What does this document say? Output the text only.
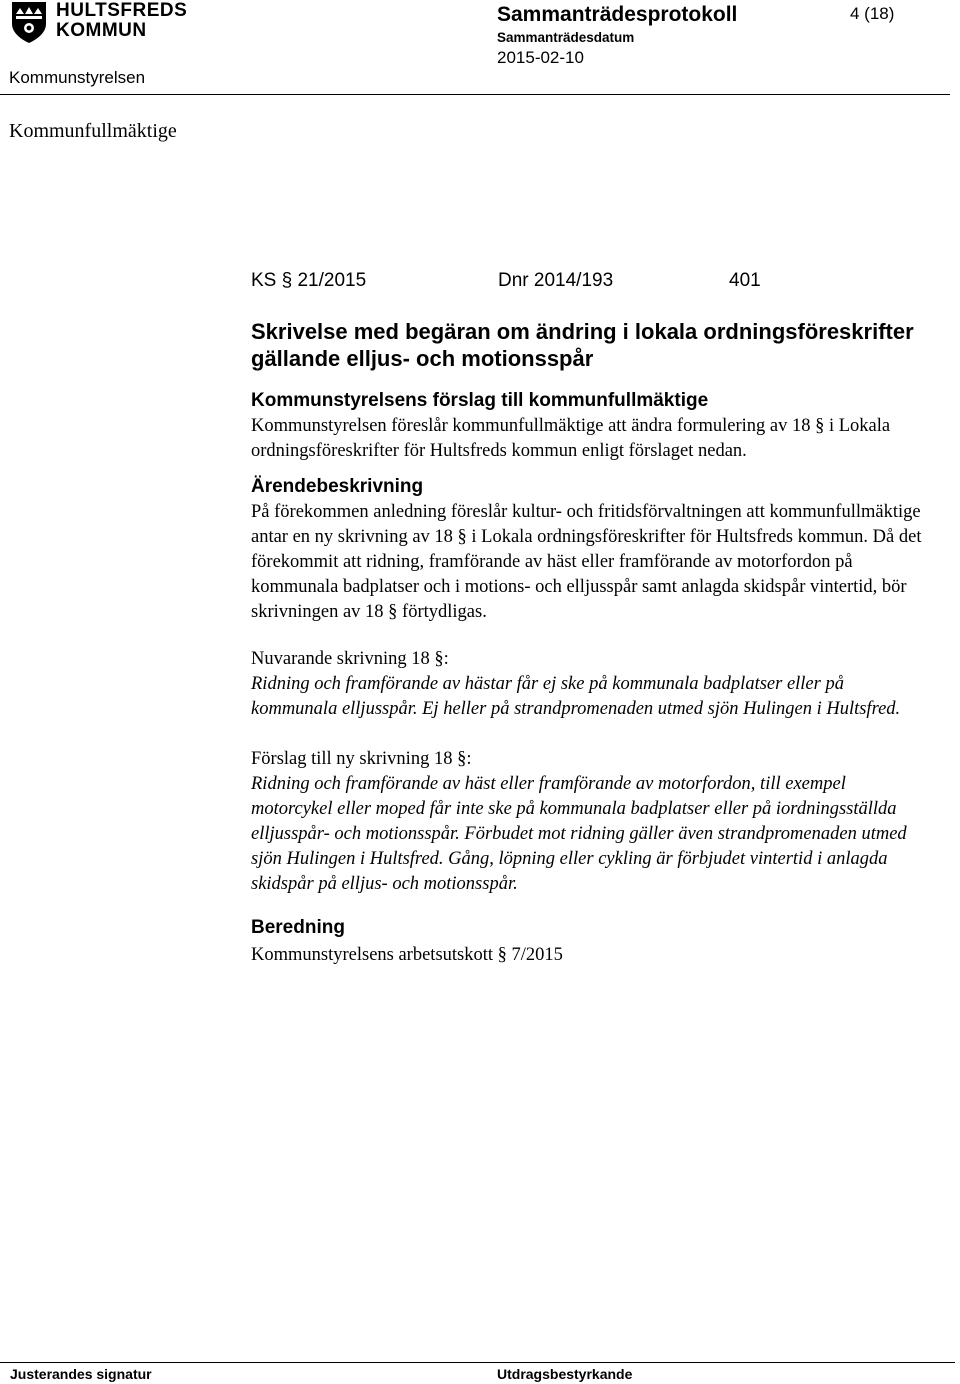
HULTSFREDS
KOMMUN
Sammanträdesprotokoll
Sammanträdesdatum
2015-02-10
4 (18)
Kommunstyrelsen
Kommunfullmäktige
KS § 21/2015	Dnr 2014/193	401
Skrivelse med begäran om ändring i lokala ordningsföreskrifter gällande elljus- och motionsspår
Kommunstyrelsens förslag till kommunfullmäktige

Kommunstyrelsen föreslår kommunfullmäktige att ändra formulering av 18 § i Lokala ordningsföreskrifter för Hultsfreds kommun enligt förslaget nedan.

Ärendebeskrivning

På förekommen anledning föreslår kultur- och fritidsförvaltningen att kommunfullmäktige antar en ny skrivning av 18 § i Lokala ordningsföreskrifter för Hultsfreds kommun. Då det förekommit att ridning, framförande av häst eller framförande av motorfordon på kommunala badplatser och i motions- och elljusspår samt anlagda skidspår vintertid, bör skrivningen av 18 § förtydligas.

Nuvarande skrivning 18 §:

Ridning och framförande av hästar får ej ske på kommunala badplatser eller på kommunala elljusspår. Ej heller på strandpromenaden utmed sjön Hulingen i Hultsfred.

Förslag till ny skrivning 18 §:

Ridning och framförande av häst eller framförande av motorfordon, till exempel motorcykel eller moped får inte ske på kommunala badplatser eller på iordningsställda elljusspår- och motionsspår. Förbudet mot ridning gäller även strandpromenaden utmed sjön Hulingen i Hultsfred. Gång, löpning eller cykling är förbjudet vintertid i anlagda skidspår på elljus- och motionsspår.

Beredning

Kommunstyrelsens arbetsutskott § 7/2015

Justerandes signatur	Utdragsbestyrkande
